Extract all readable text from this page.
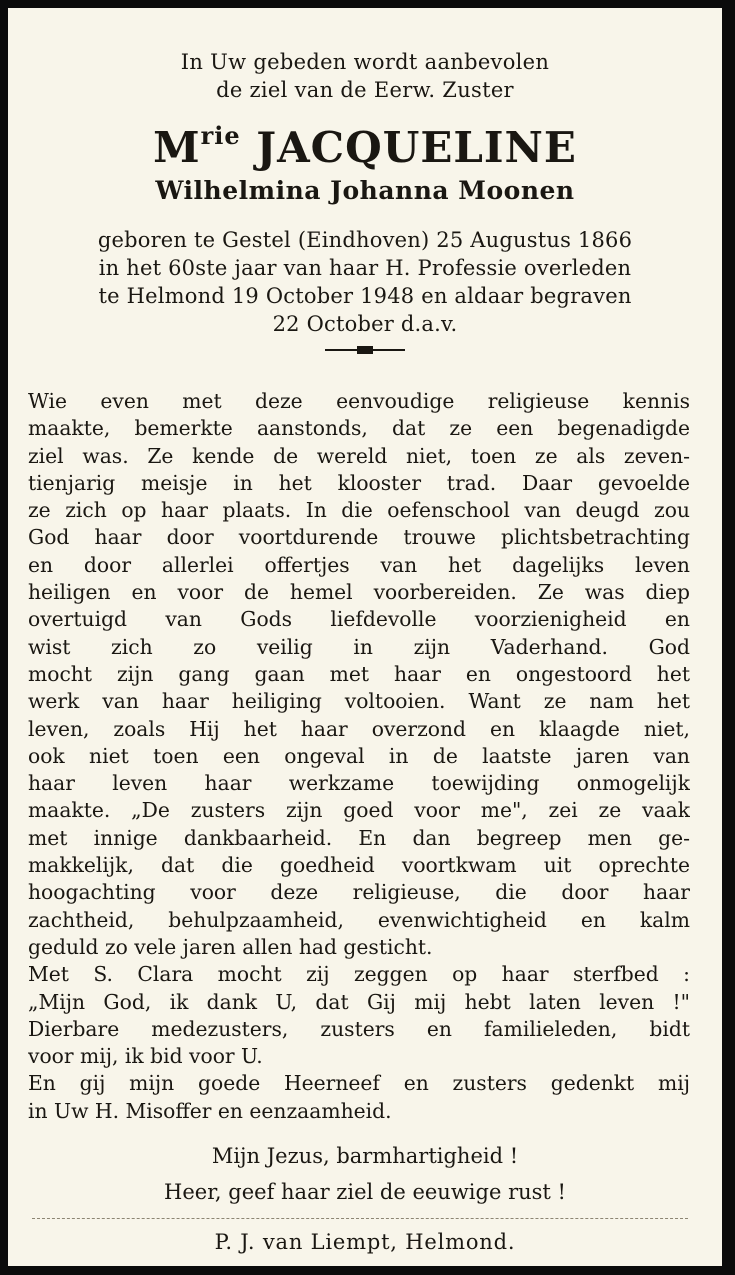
In Uw gebeden wordt aanbevolen
de ziel van de Eerw. Zuster
$M^{rie}$ JACQUELINE
Wilhelmina Johanna Moonen
geboren te Gestel (Eindhoven) 25 Augustus 1866
in het 60ste jaar van haar H. Professie overleden
te Helmond 19 October 1948 en aldaar begraven
22 October d.a.v.
Wie even met deze eenvoudige religieuse kennis
maakte, bemerkte aanstonds, dat ze een begenadigde
ziel was. Ze kende de wereld niet, toen ze als zeven-
tienjarig meisje in het klooster trad. Daar gevoelde
ze zich op haar plaats. In die oefenschool van deugd zou
God haar door voortdurende trouwe plichtsbetrachting
en door allerlei offertjes van het dagelijks leven
heiligen en voor de hemel voorbereiden. Ze was diep
overtuigd van Gods liefdevolle voorzienigheid en
wist zich zo veilig in zijn Vaderhand. God
mocht zijn gang gaan met haar en ongestoord het
werk van haar heiliging voltooien. Want ze nam het
leven, zoals Hij het haar overzond en klaagde niet,
ook niet toen een ongeval in de laatste jaren van
haar leven haar werkzame toewijding onmogelijk
maakte. „De zusters zijn goed voor me", zei ze vaak
met innige dankbaarheid. En dan begreep men ge-
makkelijk, dat die goedheid voortkwam uit oprechte
hoogachting voor deze religieuse, die door haar
zachtheid, behulpzaamheid, evenwichtigheid en kalm
geduld zo vele jaren allen had gesticht.
Met S. Clara mocht zij zeggen op haar sterfbed :
„Mijn God, ik dank U, dat Gij mij hebt laten leven !"
Dierbare medezusters, zusters en familieleden, bidt
voor mij, ik bid voor U.
En gij mijn goede Heerneef en zusters gedenkt mij
in Uw H. Misoffer en eenzaamheid.
Mijn Jezus, barmhartigheid !
Heer, geef haar ziel de eeuwige rust !
P. J. van Liempt, Helmond.
